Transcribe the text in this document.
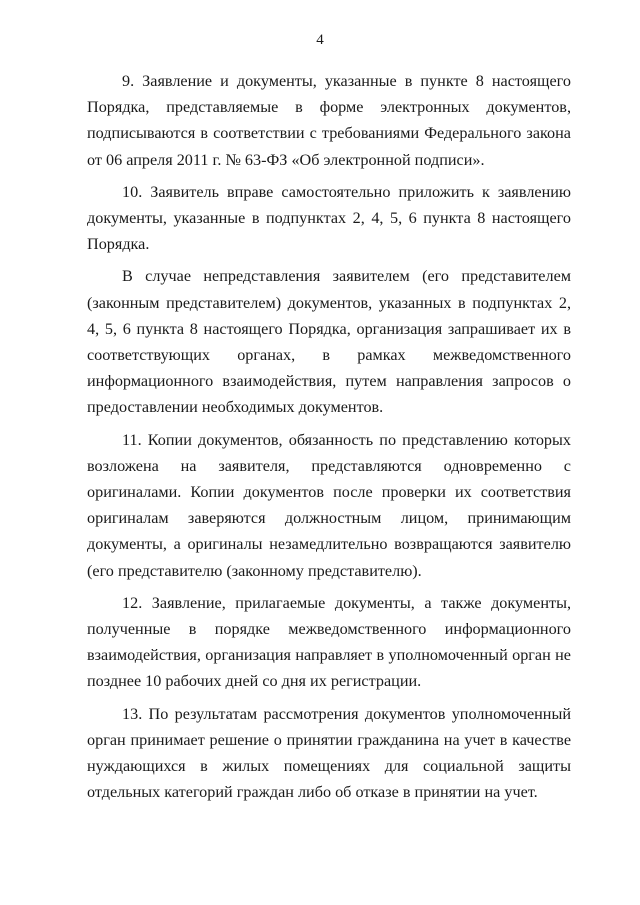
4

9. Заявление и документы, указанные в пункте 8 настоящего Порядка, представляемые в форме электронных документов, подписываются в соответствии с требованиями Федерального закона от 06 апреля 2011 г. № 63-ФЗ «Об электронной подписи».

10. Заявитель вправе самостоятельно приложить к заявлению документы, указанные в подпунктах 2, 4, 5, 6 пункта 8 настоящего Порядка.

В случае непредставления заявителем (его представителем (законным представителем) документов, указанных в подпунктах 2, 4, 5, 6 пункта 8 настоящего Порядка, организация запрашивает их в соответствующих органах, в рамках межведомственного информационного взаимодействия, путем направления запросов о предоставлении необходимых документов.

11. Копии документов, обязанность по представлению которых возложена на заявителя, представляются одновременно с оригиналами. Копии документов после проверки их соответствия оригиналам заверяются должностным лицом, принимающим документы, а оригиналы незамедлительно возвращаются заявителю (его представителю (законному представителю).

12. Заявление, прилагаемые документы, а также документы, полученные в порядке межведомственного информационного взаимодействия, организация направляет в уполномоченный орган не позднее 10 рабочих дней со дня их регистрации.

13. По результатам рассмотрения документов уполномоченный орган принимает решение о принятии гражданина на учет в качестве нуждающихся в жилых помещениях для социальной защиты отдельных категорий граждан либо об отказе в принятии на учет.
